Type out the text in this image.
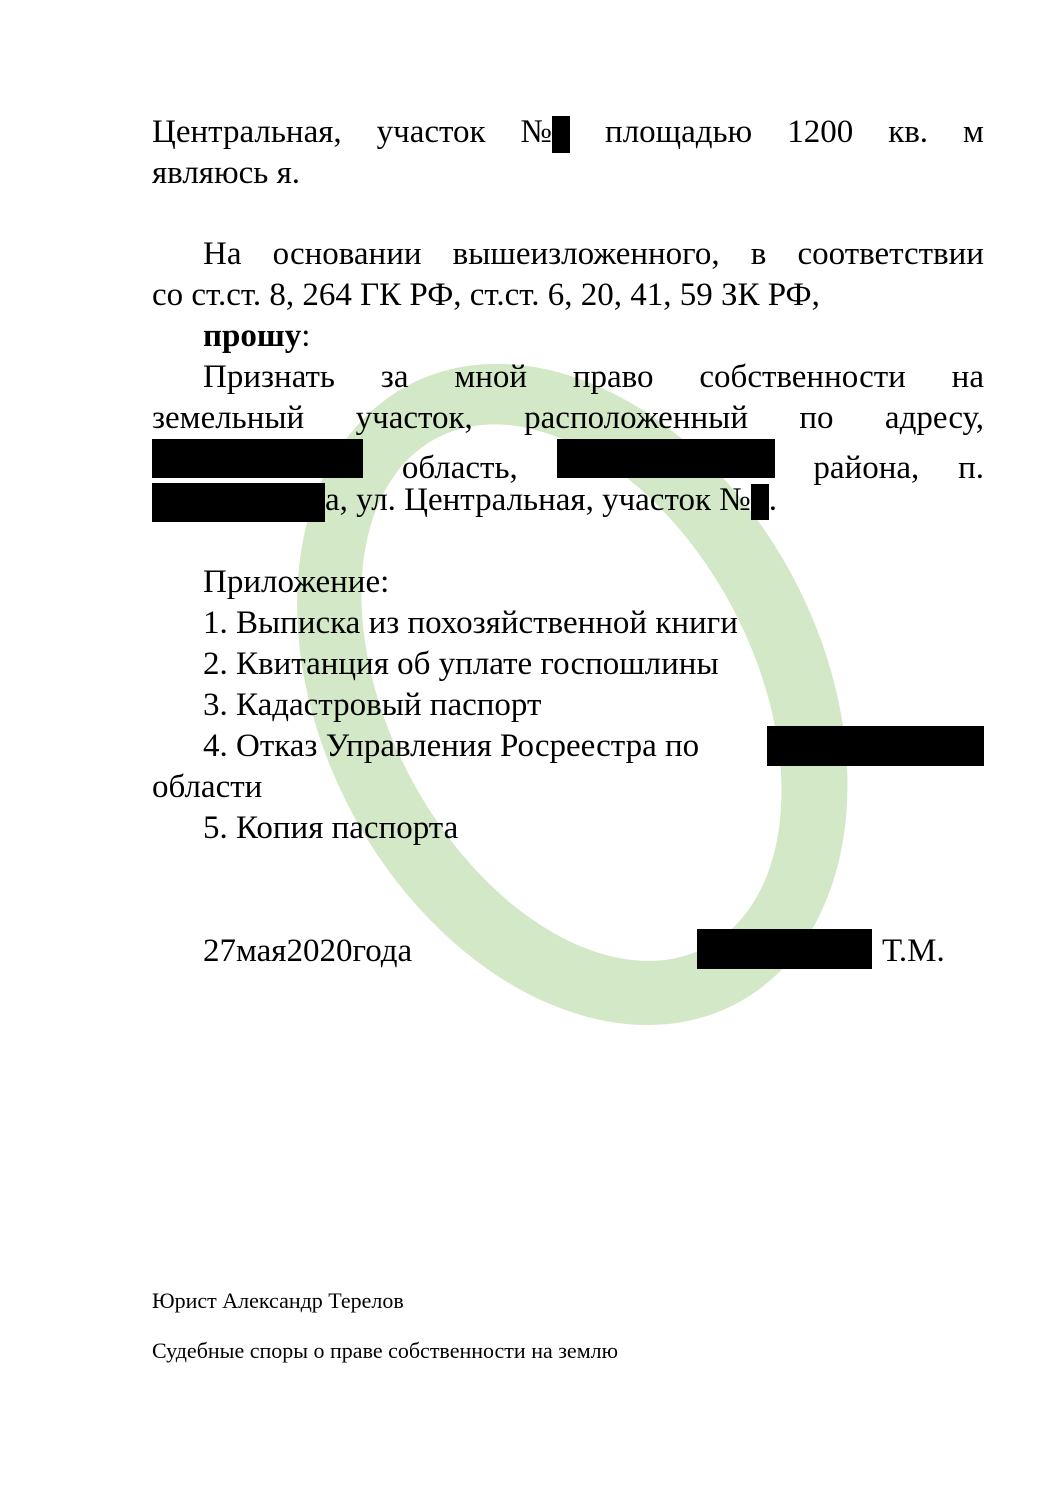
Центральная, участок №	площадью 1200 кв. м
являюсь я.
На основании вышеизложенного, в соответствии
со ст.ст. 8, 264 ГК РФ, ст.ст. 6, 20, 41, 59 ЗК РФ,
прошу:
Признать за мной право собственности на
земельный участок, расположенный по адресу,
область,	района, п.
а, ул. Центральная, участок № .
Приложение:
1. Выписка из похозяйственной книги
2. Квитанция об уплате госпошлины
3. Кадастровый паспорт
4. Отказ Управления Росреестра по
области
5. Копия паспорта
27мая2020года	Т.М.
Юрист Александр Терелов
Судебные споры о праве собственности на землю
